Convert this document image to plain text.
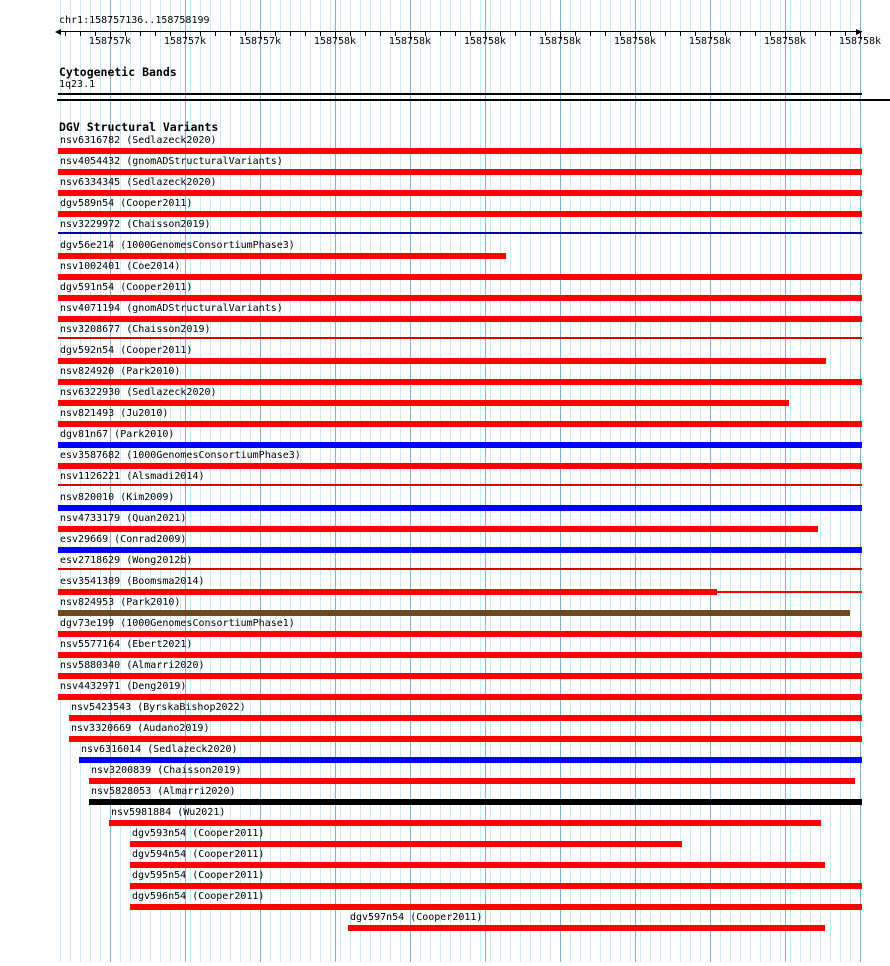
chr1:158757136..158758199
158757k	158757k	158757k	158758k	158758k	158758k	158758k	158758k	158758k	158758k	158758k
Cytogenetic Bands
1q23.1
DGV Structural Variants
nsv6316782 (Sedlazeck2020)
nsv4054432 (gnomADStructuralVariants)
nsv6334345 (Sedlazeck2020)
dgv589n54 (Cooper2011)
nsv3229972 (Chaisson2019)
dgv56e214 (1000GenomesConsortiumPhase3)
nsv1002401 (Coe2014)
dgv591n54 (Cooper2011)
nsv4071194 (gnomADStructuralVariants)
nsv3208677 (Chaisson2019)
dgv592n54 (Cooper2011)
nsv824920 (Park2010)
nsv6322930 (Sedlazeck2020)
nsv821493 (Ju2010)
dgv81n67 (Park2010)
esv3587682 (1000GenomesConsortiumPhase3)
nsv1126221 (Alsmadi2014)
nsv820010 (Kim2009)
nsv4733179 (Quan2021)
esv29669 (Conrad2009)
esv2718629 (Wong2012b)
esv3541389 (Boomsma2014)
nsv824953 (Park2010)
dgv73e199 (1000GenomesConsortiumPhase1)
nsv5577164 (Ebert2021)
nsv5880340 (Almarri2020)
nsv4432971 (Deng2019)
nsv5423543 (ByrskaBishop2022)
nsv3320669 (Audano2019)
nsv6316014 (Sedlazeck2020)
nsv3200839 (Chaisson2019)
nsv5828053 (Almarri2020)
nsv5981884 (Wu2021)
dgv593n54 (Cooper2011)
dgv594n54 (Cooper2011)
dgv595n54 (Cooper2011)
dgv596n54 (Cooper2011)
dgv597n54 (Cooper2011)
